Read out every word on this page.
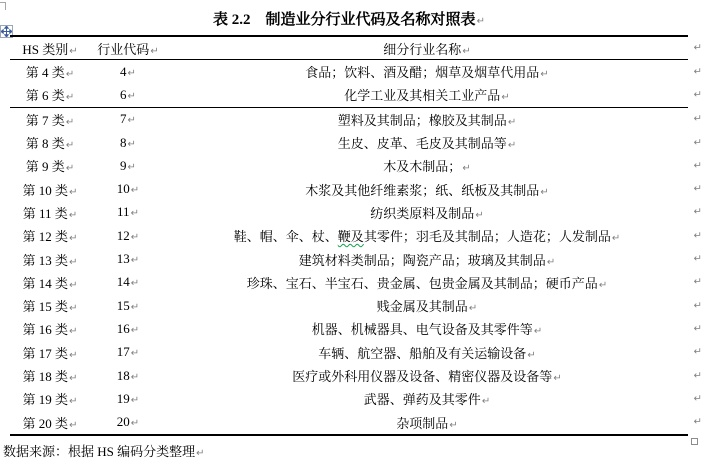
表 2.2　制造业分行业代码及名称对照表↵
HS 类别↵	行业代码↵	细分行业名称↵	↵
第 4 类↵	4↵	食品；饮料、酒及醋；烟草及烟草代用品↵	↵
第 6 类↵	6↵	化学工业及其相关工业产品↵	↵
第 7 类↵	7↵	塑料及其制品；橡胶及其制品↵	↵
第 8 类↵	8↵	生皮、皮革、毛皮及其制品等↵	↵
第 9 类↵	9↵	木及木制品；↵	↵
第 10 类↵	10↵	木浆及其他纤维素浆；纸、纸板及其制品↵	↵
第 11 类↵	11↵	纺织类原料及制品↵	↵
第 12 类↵	12↵	鞋、帽、伞、杖、鞭及其零件；羽毛及其制品；人造花；人发制品↵	↵
第 13 类↵	13↵	建筑材料类制品；陶瓷产品；玻璃及其制品↵	↵
第 14 类↵	14↵	珍珠、宝石、半宝石、贵金属、包贵金属及其制品；硬币产品↵	↵
第 15 类↵	15↵	贱金属及其制品↵	↵
第 16 类↵	16↵	机器、机械器具、电气设备及其零件等↵	↵
第 17 类↵	17↵	车辆、航空器、船舶及有关运输设备↵	↵
第 18 类↵	18↵	医疗或外科用仪器及设备、精密仪器及设备等↵	↵
第 19 类↵	19↵	武器、弹药及其零件↵	↵
第 20 类↵	20↵	杂项制品↵	↵
数据来源：根据 HS 编码分类整理↵
